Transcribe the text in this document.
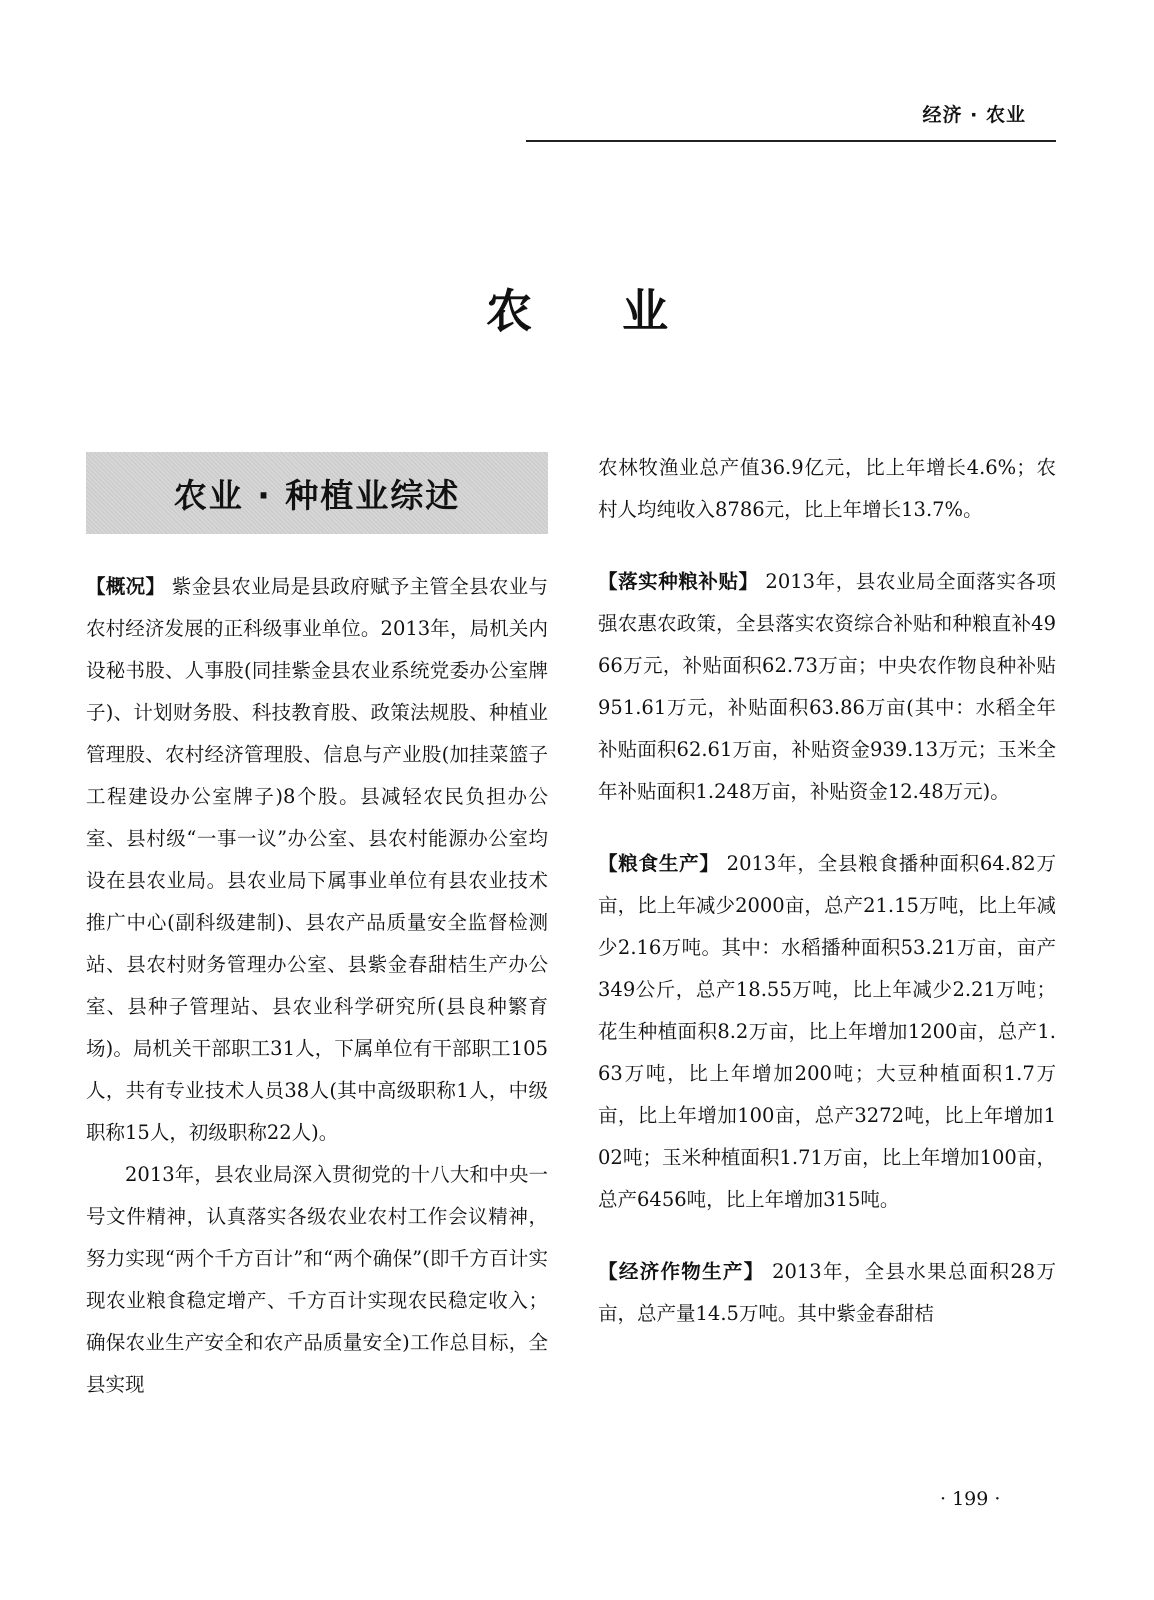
经济 · 农业
农业
农业 · 种植业综述

【概况】 紫金县农业局是县政府赋予主管全县农业与农村经济发展的正科级事业单位。2013年，局机关内设秘书股、人事股(同挂紫金县农业系统党委办公室牌子)、计划财务股、科技教育股、政策法规股、种植业管理股、农村经济管理股、信息与产业股(加挂菜篮子工程建设办公室牌子)8个股。县减轻农民负担办公室、县村级“一事一议”办公室、县农村能源办公室均设在县农业局。县农业局下属事业单位有县农业技术推广中心(副科级建制)、县农产品质量安全监督检测站、县农村财务管理办公室、县紫金春甜桔生产办公室、县种子管理站、县农业科学研究所(县良种繁育场)。局机关干部职工31人，下属单位有干部职工105人，共有专业技术人员38人(其中高级职称1人，中级职称15人，初级职称22人)。

2013年，县农业局深入贯彻党的十八大和中央一号文件精神，认真落实各级农业农村工作会议精神，努力实现“两个千方百计”和“两个确保”(即千方百计实现农业粮食稳定增产、千方百计实现农民稳定收入；确保农业生产安全和农产品质量安全)工作总目标，全县实现

农林牧渔业总产值36.9亿元，比上年增长4.6%；农村人均纯收入8786元，比上年增长13.7%。

【落实种粮补贴】 2013年，县农业局全面落实各项强农惠农政策，全县落实农资综合补贴和种粮直补4966万元，补贴面积62.73万亩；中央农作物良种补贴951.61万元，补贴面积63.86万亩(其中：水稻全年补贴面积62.61万亩，补贴资金939.13万元；玉米全年补贴面积1.248万亩，补贴资金12.48万元)。

【粮食生产】 2013年，全县粮食播种面积64.82万亩，比上年减少2000亩，总产21.15万吨，比上年减少2.16万吨。其中：水稻播种面积53.21万亩，亩产349公斤，总产18.55万吨，比上年减少2.21万吨；花生种植面积8.2万亩，比上年增加1200亩，总产1.63万吨，比上年增加200吨；大豆种植面积1.7万亩，比上年增加100亩，总产3272吨，比上年增加102吨；玉米种植面积1.71万亩，比上年增加100亩，总产6456吨，比上年增加315吨。

【经济作物生产】 2013年，全县水果总面积28万亩，总产量14.5万吨。其中紫金春甜桔

· 199 ·
